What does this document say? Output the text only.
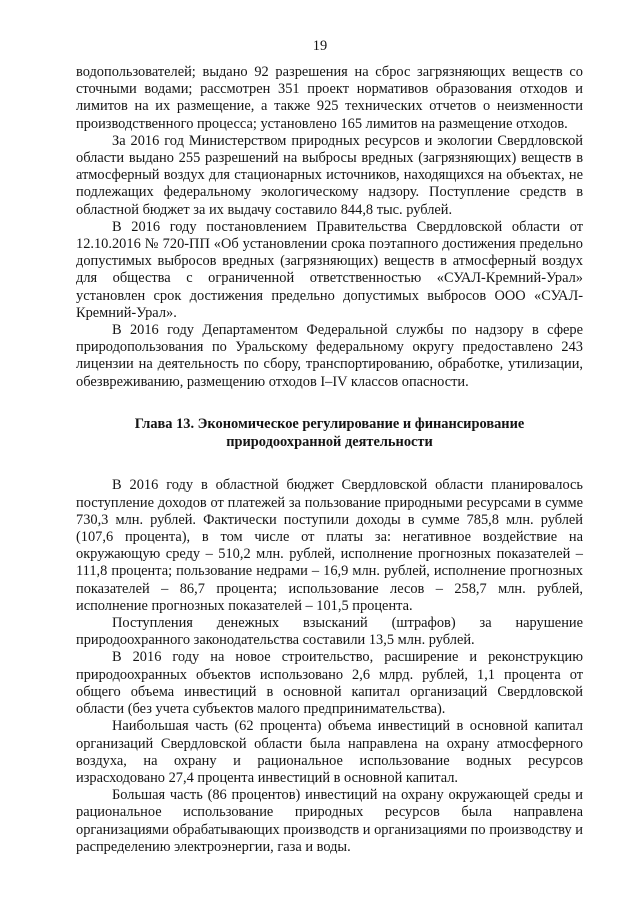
19

водопользователей; выдано 92 разрешения на сброс загрязняющих веществ со сточными водами; рассмотрен 351 проект нормативов образования отходов и лимитов на их размещение, а также 925 технических отчетов о неизменности производственного процесса; установлено 165 лимитов на размещение отходов.

За 2016 год Министерством природных ресурсов и экологии Свердловской области выдано 255 разрешений на выбросы вредных (загрязняющих) веществ в атмосферный воздух для стационарных источников, находящихся на объектах, не подлежащих федеральному экологическому надзору. Поступление средств в областной бюджет за их выдачу составило 844,8 тыс. рублей.

В 2016 году постановлением Правительства Свердловской области от 12.10.2016 № 720-ПП «Об установлении срока поэтапного достижения предельно допустимых выбросов вредных (загрязняющих) веществ в атмосферный воздух для общества с ограниченной ответственностью «СУАЛ-Кремний-Урал» установлен срок достижения предельно допустимых выбросов ООО «СУАЛ-Кремний-Урал».

В 2016 году Департаментом Федеральной службы по надзору в сфере природопользования по Уральскому федеральному округу предоставлено 243 лицензии на деятельность по сбору, транспортированию, обработке, утилизации, обезвреживанию, размещению отходов I–IV классов опасности.

Глава 13. Экономическое регулирование и финансирование
природоохранной деятельности

В 2016 году в областной бюджет Свердловской области планировалось поступление доходов от платежей за пользование природными ресурсами в сумме 730,3 млн. рублей. Фактически поступили доходы в сумме 785,8 млн. рублей (107,6 процента), в том числе от платы за: негативное воздействие на окружающую среду – 510,2 млн. рублей, исполнение прогнозных показателей – 111,8 процента; пользование недрами – 16,9 млн. рублей, исполнение прогнозных показателей – 86,7 процента; использование лесов – 258,7 млн. рублей, исполнение прогнозных показателей – 101,5 процента.

Поступления денежных взысканий (штрафов) за нарушение природоохранного законодательства составили 13,5 млн. рублей.

В 2016 году на новое строительство, расширение и реконструкцию природоохранных объектов использовано 2,6 млрд. рублей, 1,1 процента от общего объема инвестиций в основной капитал организаций Свердловской области (без учета субъектов малого предпринимательства).

Наибольшая часть (62 процента) объема инвестиций в основной капитал организаций Свердловской области была направлена на охрану атмосферного воздуха, на охрану и рациональное использование водных ресурсов израсходовано 27,4 процента инвестиций в основной капитал.

Большая часть (86 процентов) инвестиций на охрану окружающей среды и рациональное использование природных ресурсов была направлена организациями обрабатывающих производств и организациями по производству и распределению электроэнергии, газа и воды.
